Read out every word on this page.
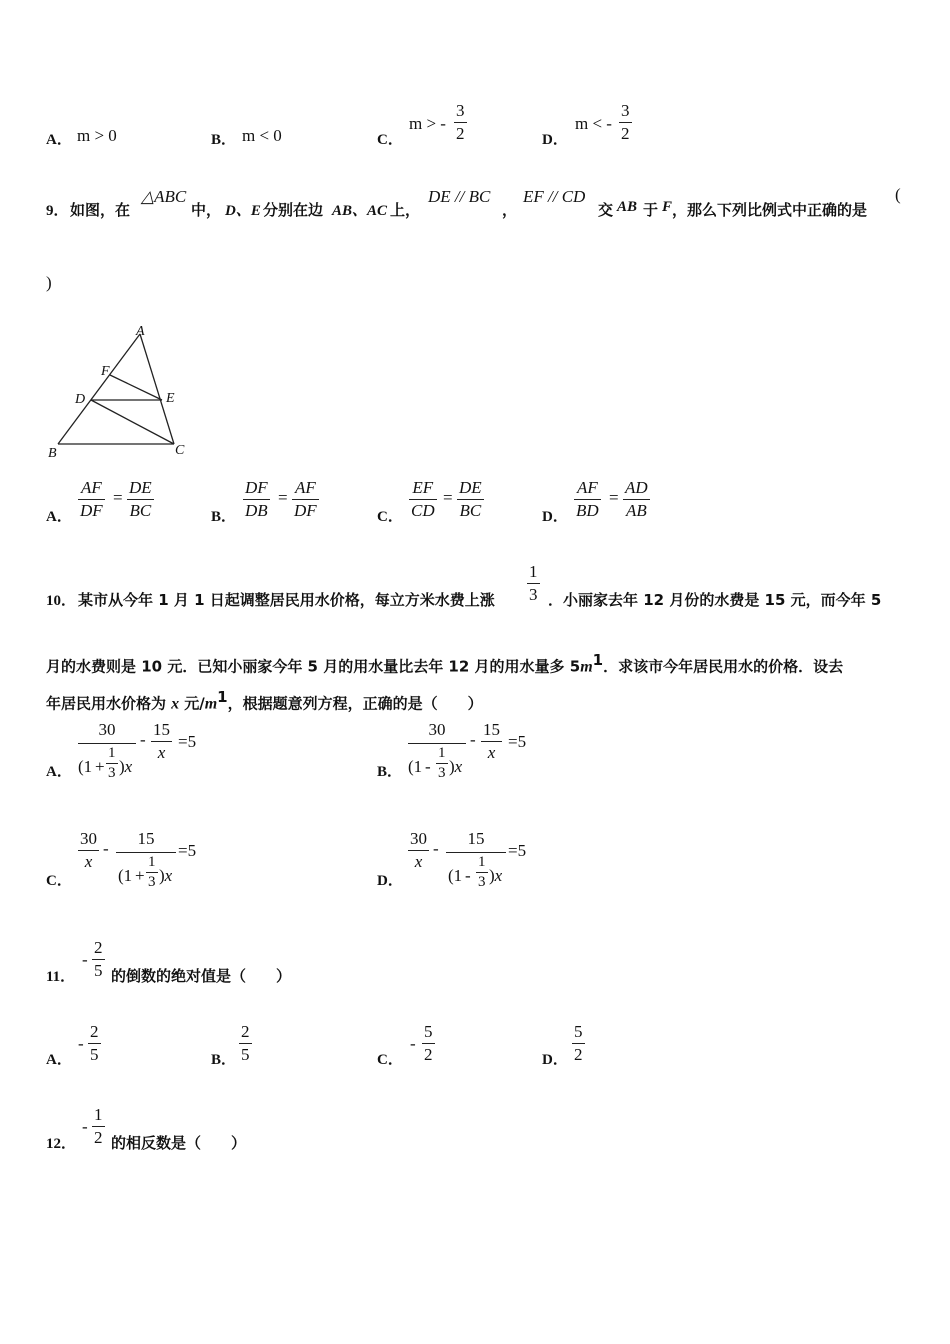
A． m > 0	B． m < 0	C．
m > -
3
2	D．
m < -
3
2
9． 如图，在
△ABC
中， D、E 分别在边 AB、AC 上，
DE // BC
，
EF // CD
交 AB 于 F ，那么下列比例式中正确的是
(
)
A
B	C
D	E
F
A．
AF
DF
=
DE
BC	B．
DF
DB
=
AF
DF	C．
EF
CD
=
DE
BC	D．
AF
BD
=
AD
AB
10． 某市从今年 1 月 1 日起调整居民用水价格，每立方米水费上涨
1
3 ．小丽家去年 12 月份的水费是 15 元，而今年 5
月的水费则是 10 元．已知小丽家今年 5 月的用水量比去年 12 月的用水量多 $5m^1$．求该市今年居民用水的价格．设去
年居民用水价格为 x 元$/m^1$，根据题意列方程，正确的是（　　）
A．
30
(1 +
1
3 )x
-
15
x
=5
B．
30
(1 -
1
3 )x
-
15
x
=5
C．
30
x
-
15
(1 +
1
3 )x
=5
D．
30
x
-
15
(1 -
1
3 )x
=5
11．
-
2
5 的倒数的绝对值是（　　）
A．
-
2
5	B．
2
5	C．
-
5
2	D．
5
2
12．
-
1
2 的相反数是（　　）
